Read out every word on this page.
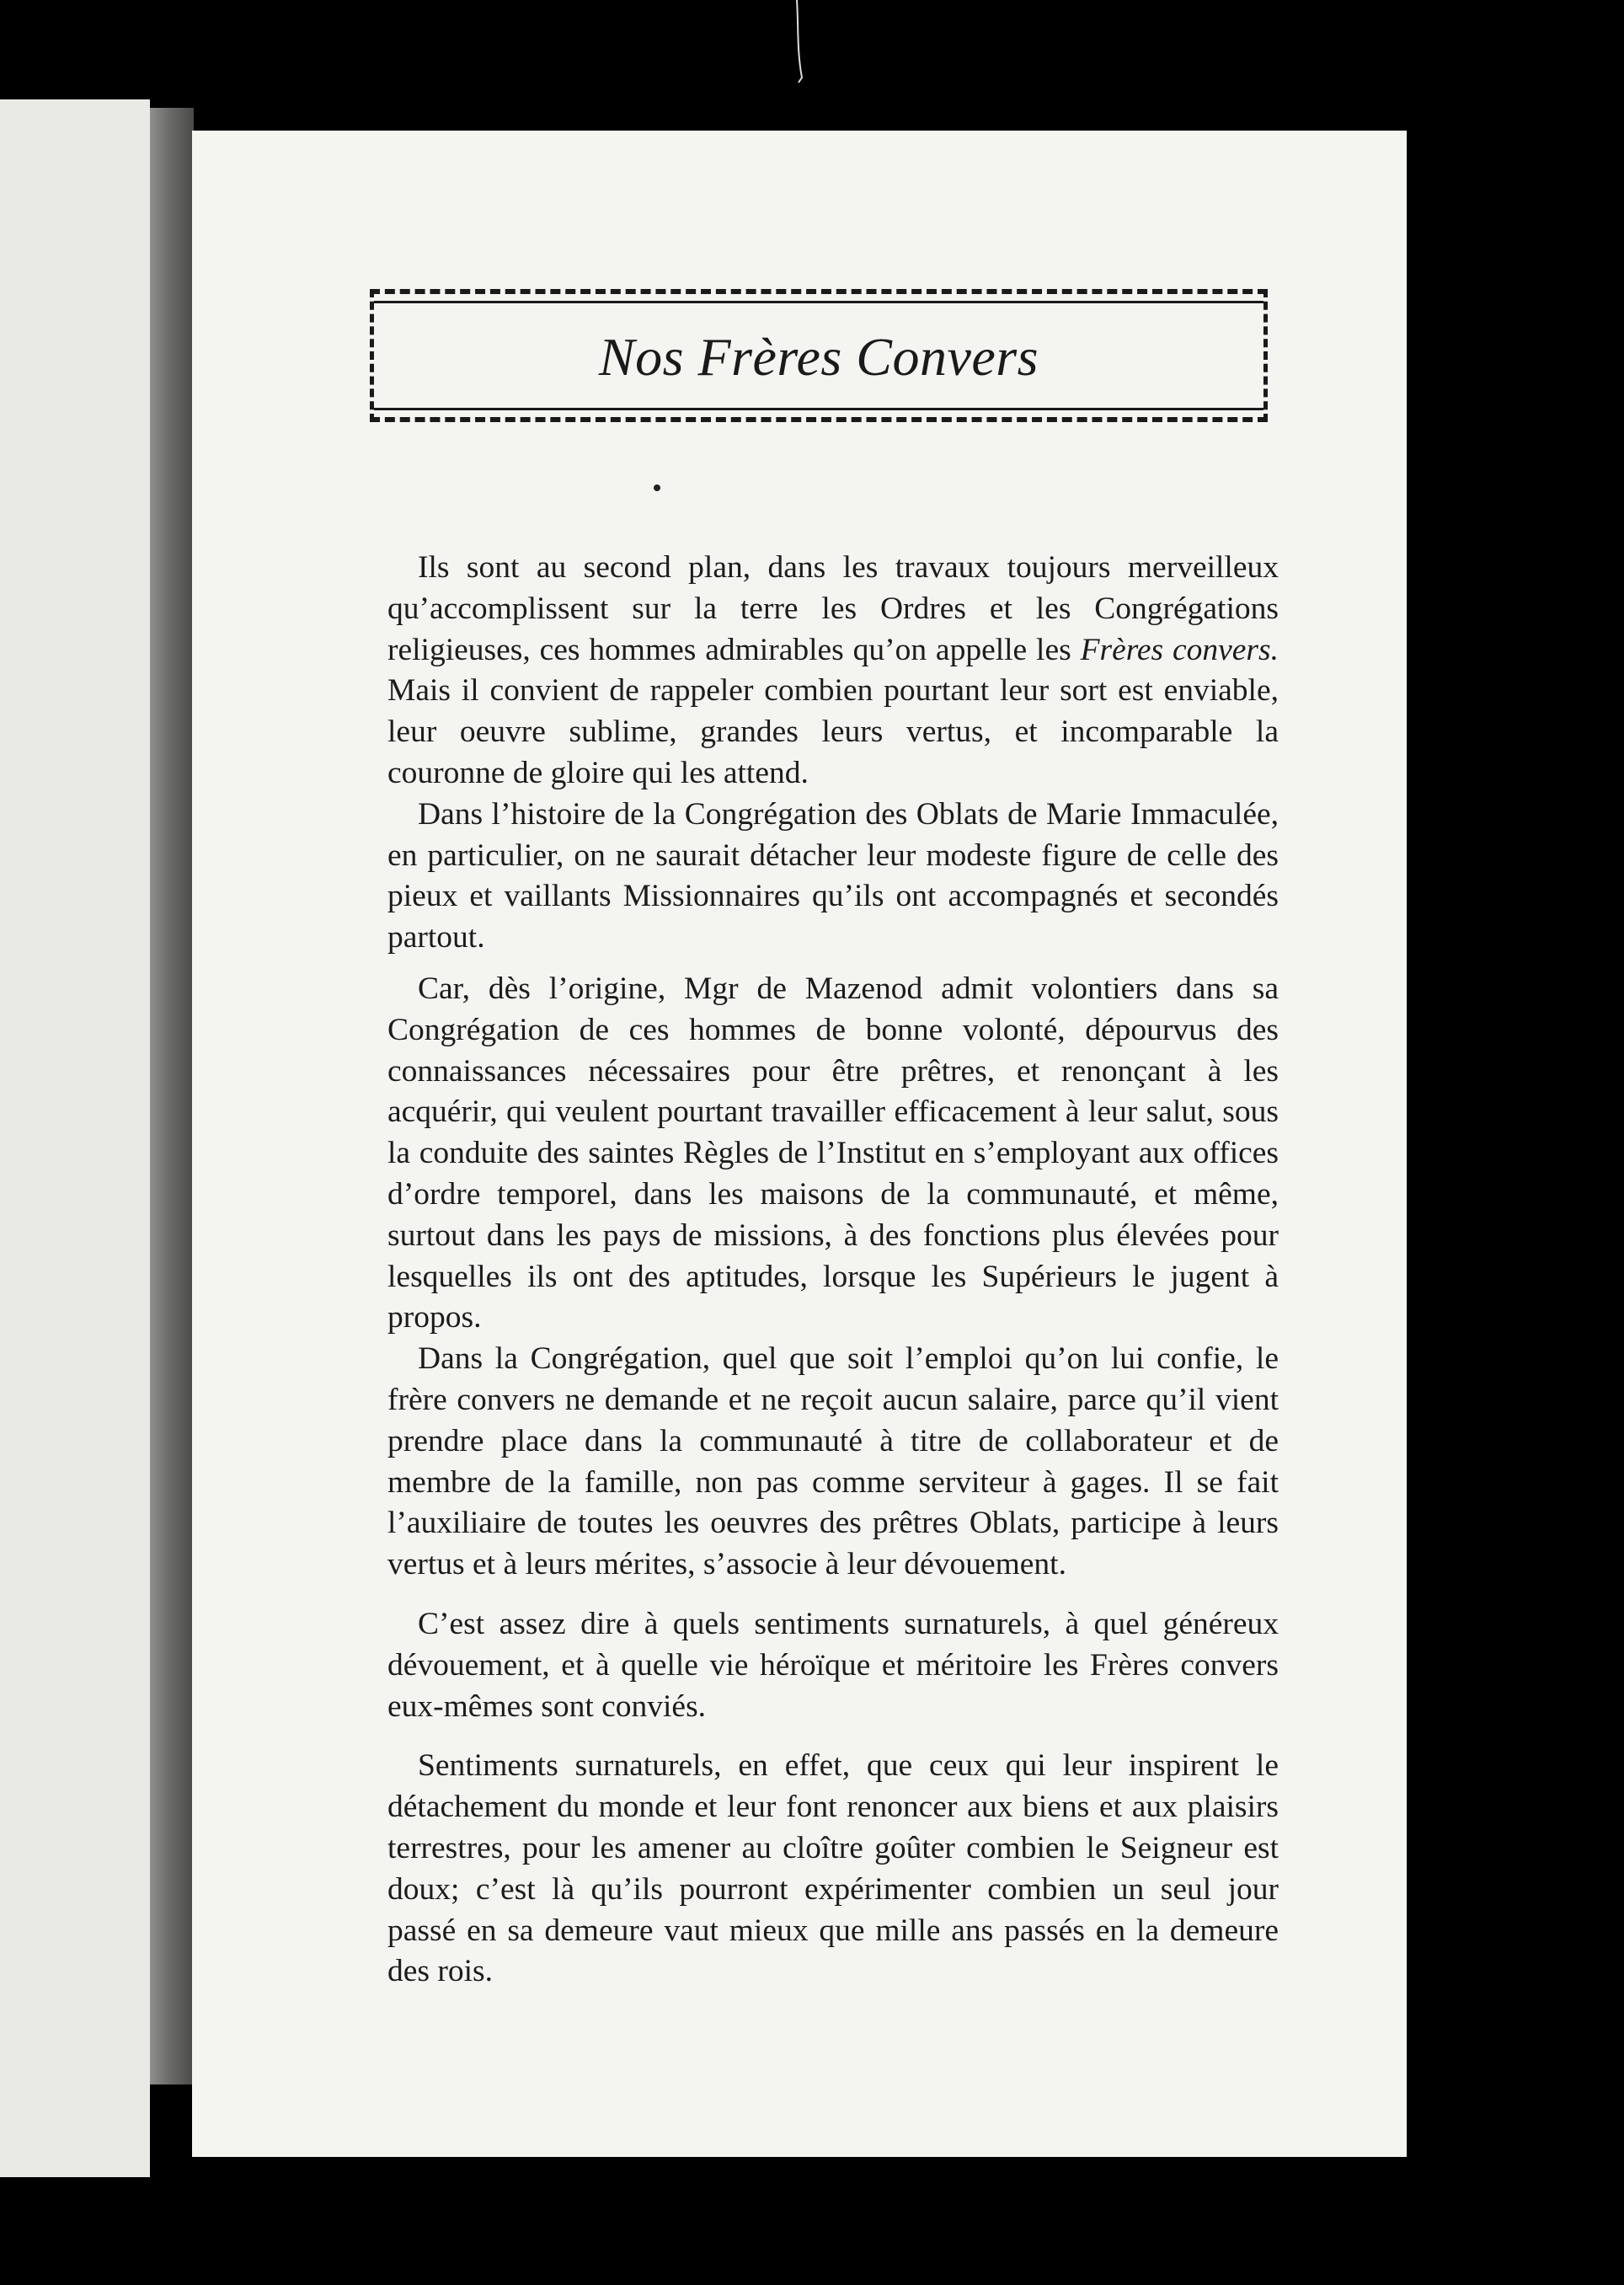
Nos Frères Convers

Ils sont au second plan, dans les travaux toujours merveilleux qu’accomplissent sur la terre les Ordres et les Congrégations religieuses, ces hommes admirables qu’on appelle les Frères convers. Mais il convient de rappeler combien pourtant leur sort est enviable, leur oeuvre sublime, grandes leurs vertus, et incomparable la couronne de gloire qui les attend.

Dans l’histoire de la Congrégation des Oblats de Marie Immaculée, en particulier, on ne saurait détacher leur modeste figure de celle des pieux et vaillants Missionnaires qu’ils ont accompagnés et secondés partout.

Car, dès l’origine, Mgr de Mazenod admit volontiers dans sa Congrégation de ces hommes de bonne volonté, dépourvus des connaissances nécessaires pour être prêtres, et renonçant à les acquérir, qui veulent pourtant travailler efficacement à leur salut, sous la conduite des saintes Règles de l’Institut en s’employant aux offices d’ordre temporel, dans les maisons de la communauté, et même, surtout dans les pays de missions, à des fonctions plus élevées pour lesquelles ils ont des aptitudes, lorsque les Supérieurs le jugent à propos.

Dans la Congrégation, quel que soit l’emploi qu’on lui confie, le frère convers ne demande et ne reçoit aucun salaire, parce qu’il vient prendre place dans la communauté à titre de collaborateur et de membre de la famille, non pas comme serviteur à gages. Il se fait l’auxiliaire de toutes les oeuvres des prêtres Oblats, participe à leurs vertus et à leurs mérites, s’associe à leur dévouement.

C’est assez dire à quels sentiments surnaturels, à quel généreux dévouement, et à quelle vie héroïque et méritoire les Frères convers eux-mêmes sont conviés.

Sentiments surnaturels, en effet, que ceux qui leur inspirent le détachement du monde et leur font renoncer aux biens et aux plaisirs terrestres, pour les amener au cloître goûter combien le Seigneur est doux; c’est là qu’ils pourront expérimenter combien un seul jour passé en sa demeure vaut mieux que mille ans passés en la demeure des rois.
